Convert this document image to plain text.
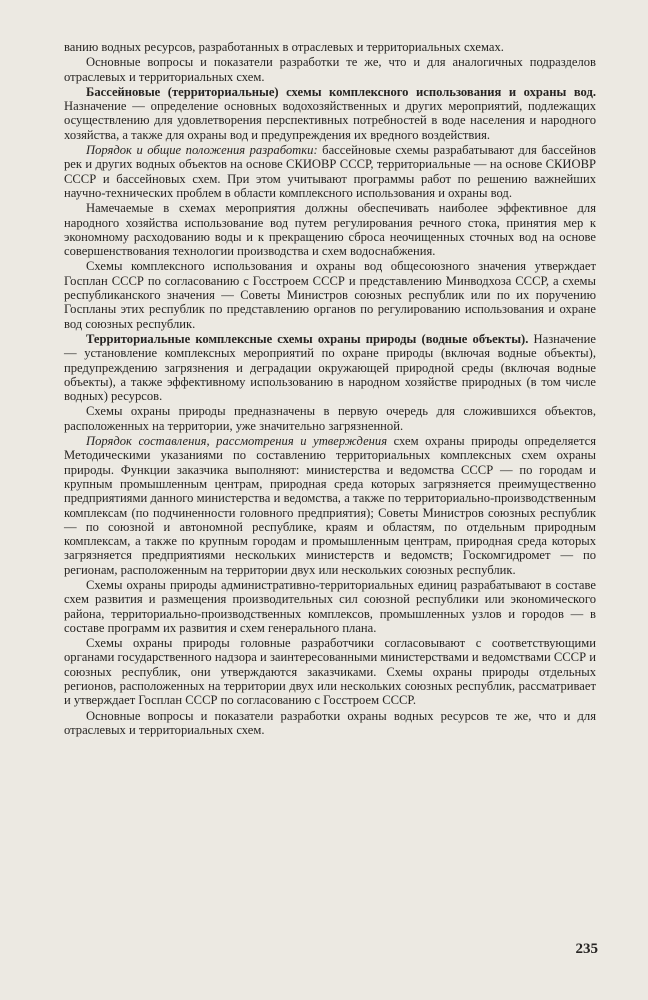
ванию водных ресурсов, разработанных в отраслевых и территориальных схемах.

Основные вопросы и показатели разработки те же, что и для аналогичных подразделов отраслевых и территориальных схем.

Бассейновые (территориальные) схемы комплексного использования и охраны вод. Назначение — определение основных водохозяйственных и других мероприятий, подлежащих осуществлению для удовлетворения перспективных потребностей в воде населения и народного хозяйства, а также для охраны вод и предупреждения их вредного воздействия.

Порядок и общие положения разработки: бассейновые схемы разрабатывают для бассейнов рек и других водных объектов на основе СКИОВР СССР, территориальные — на основе СКИОВР СССР и бассейновых схем. При этом учитывают программы работ по решению важнейших научно-технических проблем в области комплексного использования и охраны вод.

Намечаемые в схемах мероприятия должны обеспечивать наиболее эффективное для народного хозяйства использование вод путем регулирования речного стока, принятия мер к экономному расходованию воды и к прекращению сброса неочищенных сточных вод на основе совершенствования технологии производства и схем водоснабжения.

Схемы комплексного использования и охраны вод общесоюзного значения утверждает Госплан СССР по согласованию с Госстроем СССР и представлению Минводхоза СССР, а схемы республиканского значения — Советы Министров союзных республик или по их поручению Госпланы этих республик по представлению органов по регулированию использования и охране вод союзных республик.

Территориальные комплексные схемы охраны природы (водные объекты). Назначение — установление комплексных мероприятий по охране природы (включая водные объекты), предупреждению загрязнения и деградации окружающей природной среды (включая водные объекты), а также эффективному использованию в народном хозяйстве природных (в том числе водных) ресурсов.

Схемы охраны природы предназначены в первую очередь для сложившихся объектов, расположенных на территории, уже значительно загрязненной.

Порядок составления, рассмотрения и утверждения схем охраны природы определяется Методическими указаниями по составлению территориальных комплексных схем охраны природы. Функции заказчика выполняют: министерства и ведомства СССР — по городам и крупным промышленным центрам, природная среда которых загрязняется преимущественно предприятиями данного министерства и ведомства, а также по территориально-производственным комплексам (по подчиненности головного предприятия); Советы Министров союзных республик — по союзной и автономной республике, краям и областям, по отдельным природным комплексам, а также по крупным городам и промышленным центрам, природная среда которых загрязняется предприятиями нескольких министерств и ведомств; Госкомгидромет — по регионам, расположенным на территории двух или нескольких союзных республик.

Схемы охраны природы административно-территориальных единиц разрабатывают в составе схем развития и размещения производительных сил союзной республики или экономического района, территориально-производственных комплексов, промышленных узлов и городов — в составе программ их развития и схем генерального плана.

Схемы охраны природы головные разработчики согласовывают с соответствующими органами государственного надзора и заинтересованными министерствами и ведомствами СССР и союзных республик, они утверждаются заказчиками. Схемы охраны природы отдельных регионов, расположенных на территории двух или нескольких союзных республик, рассматривает и утверждает Госплан СССР по согласованию с Госстроем СССР.

Основные вопросы и показатели разработки охраны водных ресурсов те же, что и для отраслевых и территориальных схем.

235
